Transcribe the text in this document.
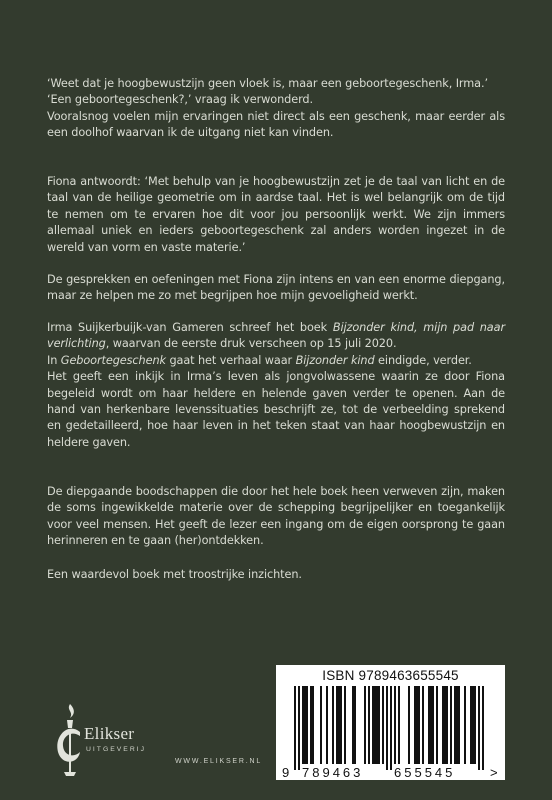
‘Weet dat je hoogbewustzijn geen vloek is, maar een geboortegeschenk, Irma.’

‘Een geboortegeschenk?,’ vraag ik verwonderd.

Vooralsnog voelen mijn ervaringen niet direct als een geschenk, maar eerder als een doolhof waarvan ik de uitgang niet kan vinden.

Fiona antwoordt: ‘Met behulp van je hoogbewustzijn zet je de taal van licht en de taal van de heilige geometrie om in aardse taal. Het is wel belangrijk om de tijd te nemen om te ervaren hoe dit voor jou persoonlijk werkt. We zijn immers allemaal uniek en ieders geboortegeschenk zal anders worden ingezet in de wereld van vorm en vaste materie.’

De gesprekken en oefeningen met Fiona zijn intens en van een enorme diepgang, maar ze helpen me zo met begrijpen hoe mijn gevoeligheid werkt.

Irma Suijkerbuijk-van Gameren schreef het boek Bijzonder kind, mijn pad naar verlichting, waarvan de eerste druk verscheen op 15 juli 2020.

In Geboortegeschenk gaat het verhaal waar Bijzonder kind eindigde, verder.

Het geeft een inkijk in Irma’s leven als jongvolwassene waarin ze door Fiona begeleid wordt om haar heldere en helende gaven verder te openen. Aan de hand van herkenbare levenssituaties beschrijft ze, tot de verbeelding sprekend en gedetailleerd, hoe haar leven in het teken staat van haar hoogbewustzijn en heldere gaven.

De diepgaande boodschappen die door het hele boek heen verweven zijn, maken de soms ingewikkelde materie over de schepping begrijpelijker en toegankelijk voor veel mensen. Het geeft de lezer een ingang om de eigen oorsprong te gaan herinneren en te gaan (her)ontdekken.

Een waardevol boek met troostrijke inzichten.

Elikser
UITGEVERIJ
WWW.ELIKSER.NL
ISBN 9789463655545
9 789463 655545	>
